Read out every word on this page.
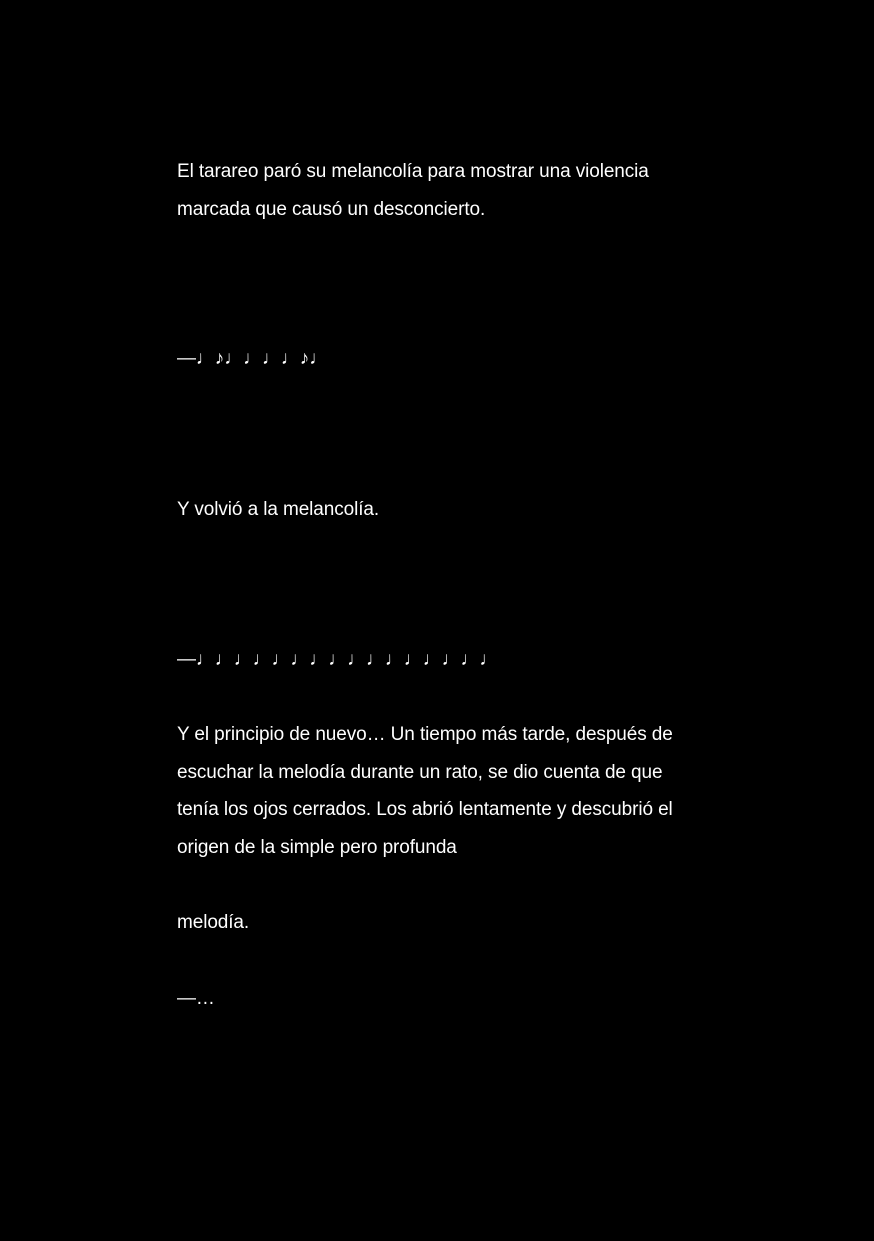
El tarareo paró su melancolía para mostrar una violencia
marcada que causó un desconcierto.

—♩♪♩♩♩♩♪♩

Y volvió a la melancolía.

—♩♩♩♩♩♩♩♩♩♩♩♩♩♩♩♩

Y el principio de nuevo… Un tiempo más tarde, después de
escuchar la melodía durante un rato, se dio cuenta de que
tenía los ojos cerrados. Los abrió lentamente y descubrió el
origen de la simple pero profunda

melodía.

—…
